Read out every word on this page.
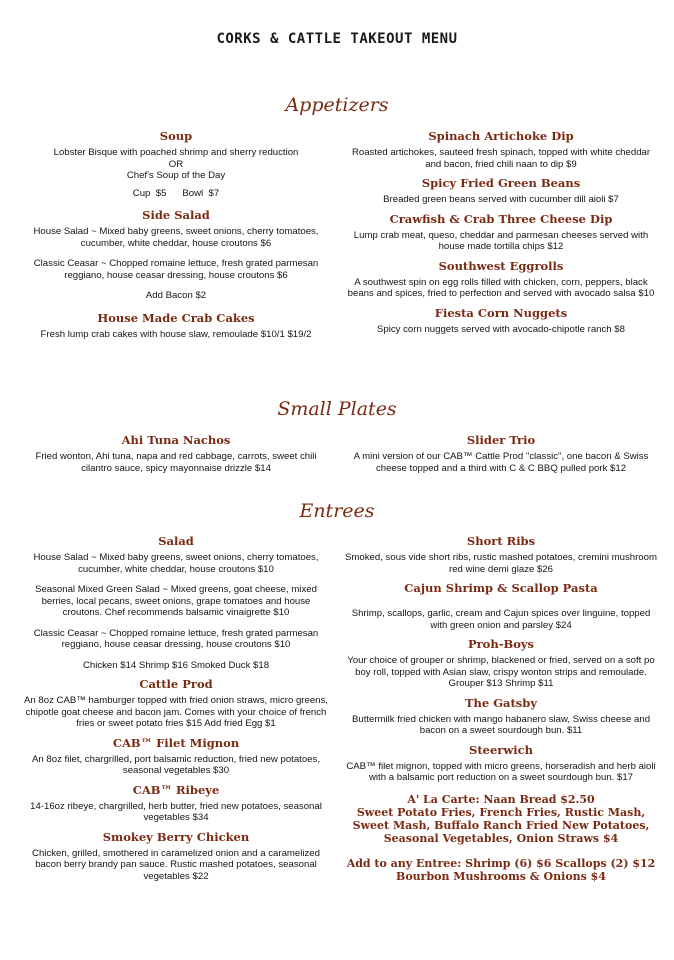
CORKS & CATTLE TAKEOUT MENU
Appetizers
Soup
Lobster Bisque with poached shrimp and sherry reduction
OR
Chef's Soup of the Day
Cup  $5      Bowl  $7
Side Salad
House Salad ~ Mixed baby greens, sweet onions, cherry tomatoes, cucumber, white cheddar, house croutons $6
Classic Ceasar ~ Chopped romaine lettuce, fresh grated parmesan reggiano, house ceasar dressing, house croutons $6
Add Bacon $2
House Made Crab Cakes
Fresh lump crab cakes with house slaw, remoulade $10/1 $19/2
Spinach Artichoke Dip
Roasted artichokes, sauteed fresh spinach, topped with white cheddar and bacon, fried chili naan to dip $9
Spicy Fried Green Beans
Breaded green beans served with cucumber dill aioli $7
Crawfish & Crab Three Cheese Dip
Lump crab meat, queso, cheddar and parmesan cheeses served with house made tortilla chips $12
Southwest Eggrolls
A southwest spin on egg rolls filled with chicken, corn, peppers, black beans and spices, fried to perfection and served with avocado salsa $10
Fiesta Corn Nuggets
Spicy corn nuggets served with avocado-chipotle ranch $8
Small Plates
Ahi Tuna Nachos
Fried wonton, Ahi tuna, napa and red cabbage, carrots, sweet chili cilantro sauce, spicy mayonnaise drizzle $14
Slider Trio
A mini version of our CAB™ Cattle Prod "classic", one bacon & Swiss cheese topped and a third with C & C BBQ pulled pork $12
Entrees
Salad
House Salad ~ Mixed baby greens, sweet onions, cherry tomatoes, cucumber, white cheddar, house croutons $10
Seasonal Mixed Green Salad ~ Mixed greens, goat cheese, mixed berries, local pecans, sweet onions, grape tomatoes and house croutons. Chef recommends balsamic vinaigrette $10
Classic Ceasar ~ Chopped romaine lettuce, fresh grated parmesan reggiano, house ceasar dressing, house croutons $10
Chicken $14 Shrimp $16 Smoked Duck $18
Cattle Prod
An 8oz CAB™ hamburger topped with fried onion straws, micro greens, chipotle goat cheese and bacon jam. Comes with your choice of french fries or sweet potato fries $15 Add fried Egg $1
CAB™ Filet Mignon
An 8oz filet, chargrilled, port balsamic reduction, fried new potatoes, seasonal vegetables $30
CAB™ Ribeye
14-16oz ribeye, chargrilled, herb butter, fried new potatoes, seasonal vegetables $34
Smokey Berry Chicken
Chicken, grilled, smothered in caramelized onion and a caramelized bacon berry brandy pan sauce. Rustic mashed potatoes, seasonal vegetables $22
Short Ribs
Smoked, sous vide short ribs, rustic mashed potatoes, cremini mushroom red wine demi glaze $26
Cajun Shrimp & Scallop Pasta
Shrimp, scallops, garlic, cream and Cajun spices over linguine, topped with green onion and parsley $24
Proh-Boys
Your choice of grouper or shrimp, blackened or fried, served on a soft po boy roll, topped with Asian slaw, crispy wonton strips and remoulade. Grouper $13 Shrimp $11
The Gatsby
Buttermilk fried chicken with mango habanero slaw, Swiss cheese and bacon on a sweet sourdough bun. $11
Steerwich
CAB™ filet mignon, topped with micro greens, horseradish and herb aioli with a balsamic port reduction on a sweet sourdough bun. $17
A' La Carte: Naan Bread $2.50
Sweet Potato Fries, French Fries, Rustic Mash, Sweet Mash, Buffalo Ranch Fried New Potatoes, Seasonal Vegetables, Onion Straws $4
Add to any Entree: Shrimp (6) $6 Scallops (2) $12
Bourbon Mushrooms & Onions $4
